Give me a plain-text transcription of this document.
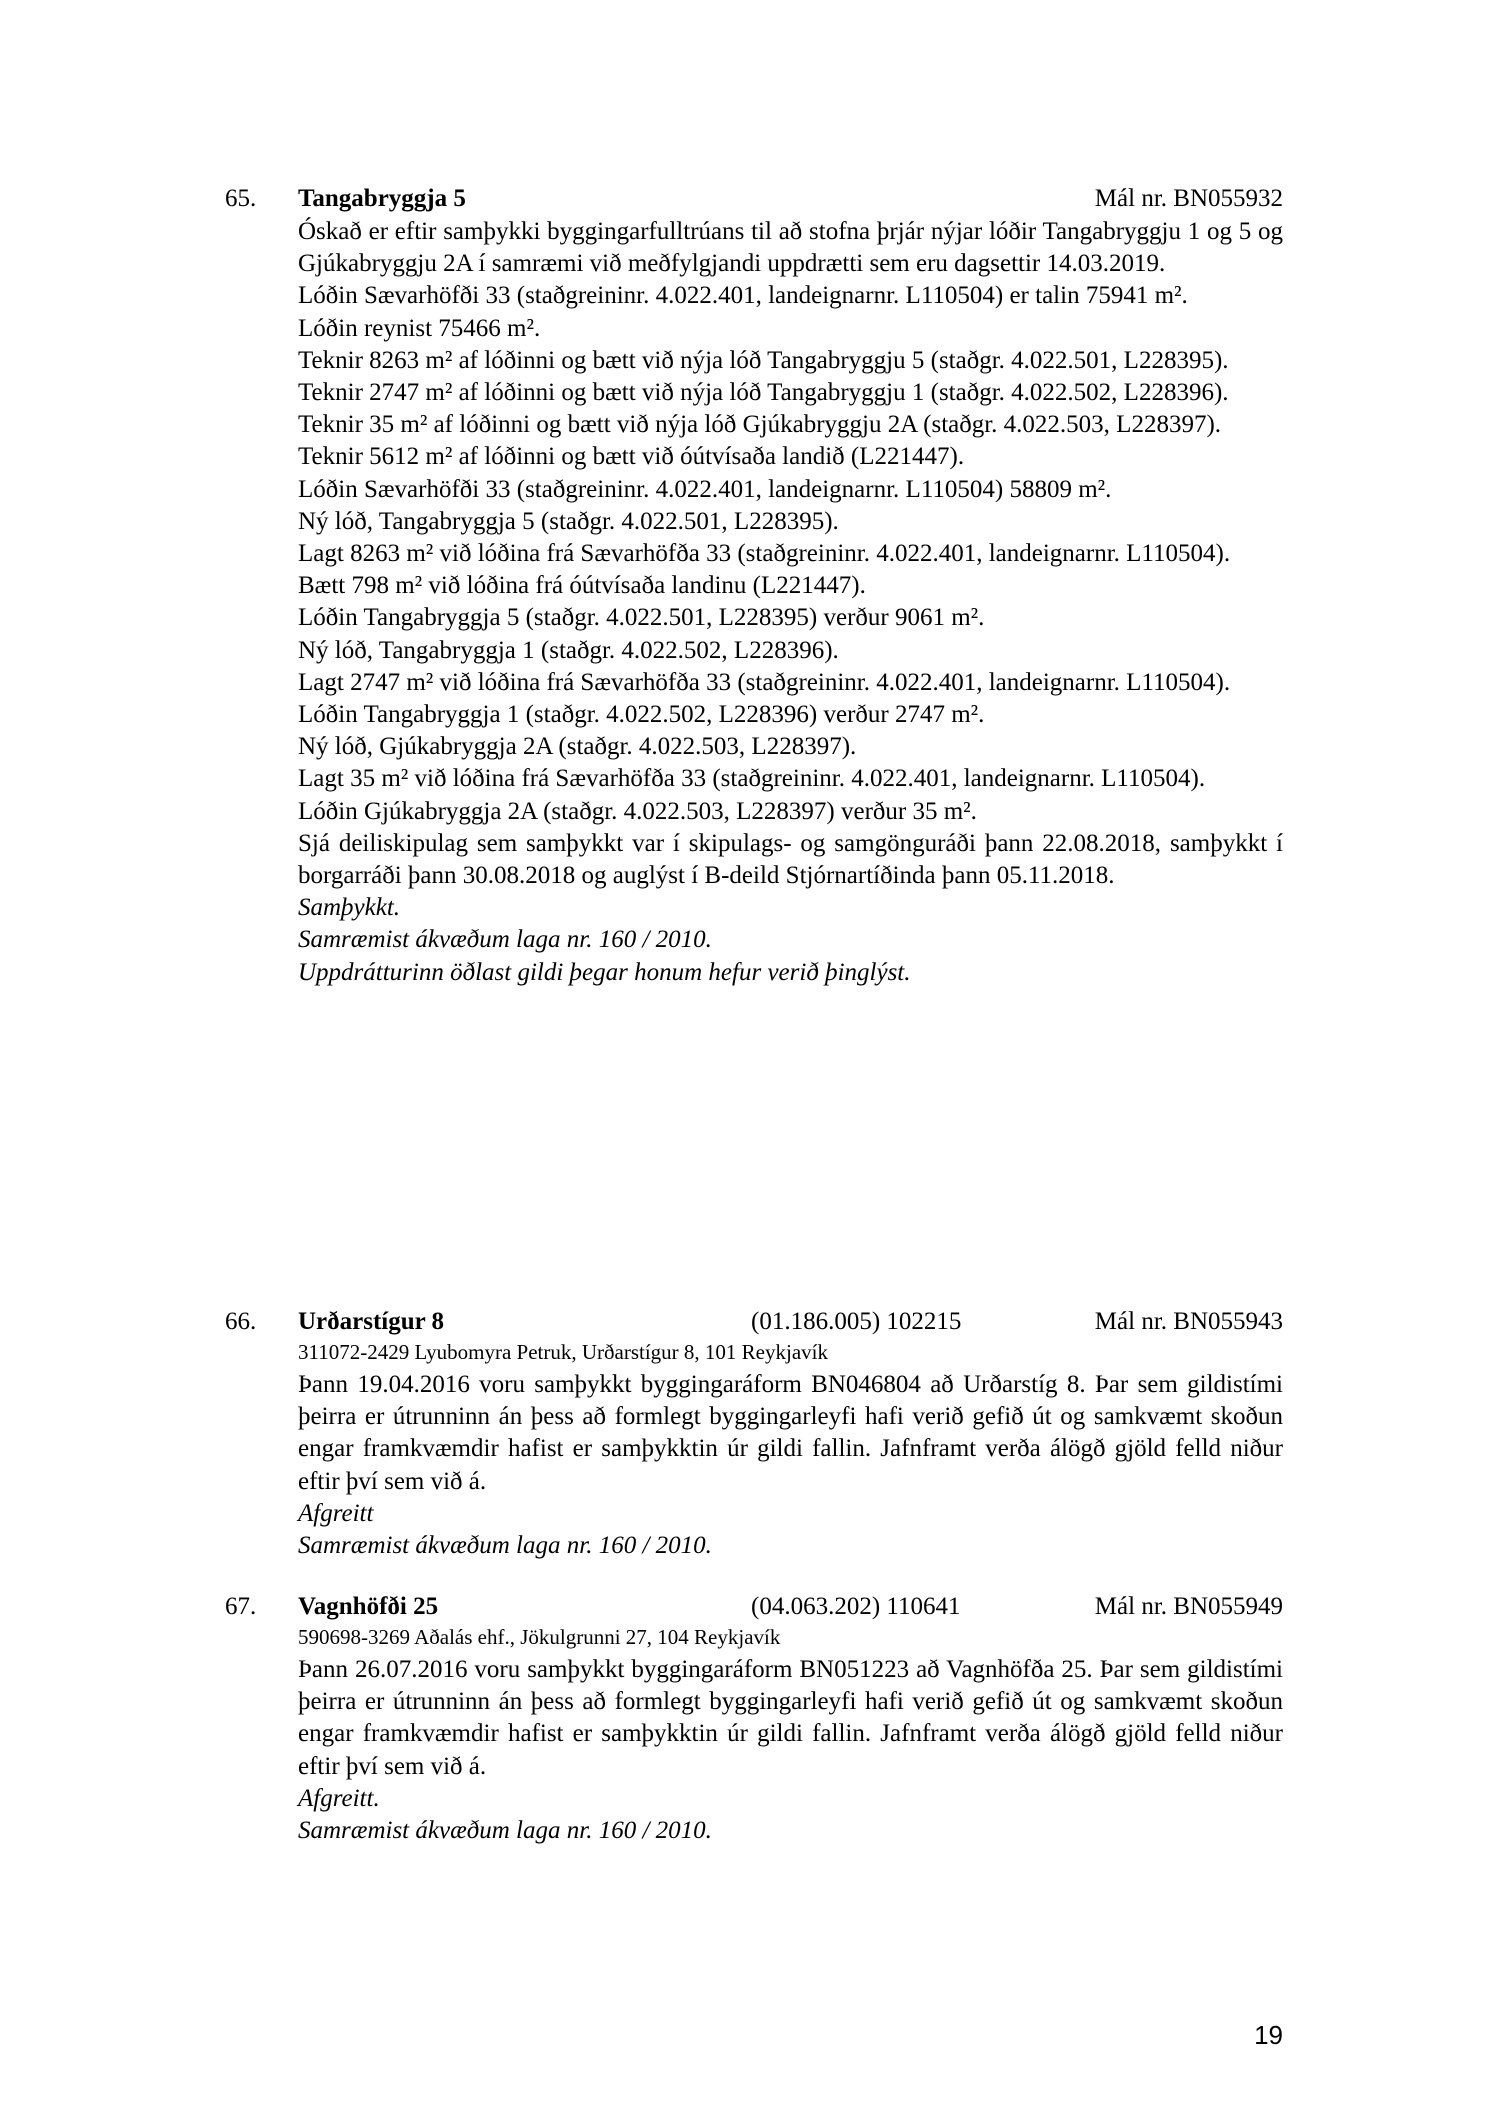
65. Tangabryggja 5	Mál nr. BN055932

Óskað er eftir samþykki byggingarfulltrúans til að stofna þrjár nýjar lóðir Tangabryggju 1 og 5 og Gjúkabryggju 2A í samræmi við meðfylgjandi uppdrætti sem eru dagsettir 14.03.2019.

Lóðin Sævarhöfði 33 (staðgreininr. 4.022.401, landeignarnr. L110504) er talin 75941 m².

Lóðin reynist 75466 m².

Teknir 8263 m² af lóðinni og bætt við nýja lóð Tangabryggju 5 (staðgr. 4.022.501, L228395).

Teknir 2747 m² af lóðinni og bætt við nýja lóð Tangabryggju 1 (staðgr. 4.022.502, L228396).

Teknir 35 m² af lóðinni og bætt við nýja lóð Gjúkabryggju 2A (staðgr. 4.022.503, L228397).

Teknir 5612 m² af lóðinni og bætt við óútvísaða landið (L221447).

Lóðin Sævarhöfði 33 (staðgreininr. 4.022.401, landeignarnr. L110504) 58809 m².

Ný lóð, Tangabryggja 5 (staðgr. 4.022.501, L228395).

Lagt 8263 m² við lóðina frá Sævarhöfða 33 (staðgreininr. 4.022.401, landeignarnr. L110504).

Bætt 798 m² við lóðina frá óútvísaða landinu (L221447).

Lóðin Tangabryggja 5 (staðgr. 4.022.501, L228395) verður 9061 m².

Ný lóð, Tangabryggja 1 (staðgr. 4.022.502, L228396).

Lagt 2747 m² við lóðina frá Sævarhöfða 33 (staðgreininr. 4.022.401, landeignarnr. L110504).

Lóðin Tangabryggja 1 (staðgr. 4.022.502, L228396) verður 2747 m².

Ný lóð, Gjúkabryggja 2A (staðgr. 4.022.503, L228397).

Lagt 35 m² við lóðina frá Sævarhöfða 33 (staðgreininr. 4.022.401, landeignarnr. L110504).

Lóðin Gjúkabryggja 2A (staðgr. 4.022.503, L228397) verður 35 m².

Sjá deiliskipulag sem samþykkt var í skipulags- og samgönguráði þann 22.08.2018, samþykkt í borgarráði þann 30.08.2018 og auglýst í B-deild Stjórnartíðinda þann 05.11.2018.

Samþykkt.

Samræmist ákvæðum laga nr. 160 / 2010.

Uppdrátturinn öðlast gildi þegar honum hefur verið þinglýst.

66. Urðarstígur 8	(01.186.005) 102215	Mál nr. BN055943
311072-2429 Lyubomyra Petruk, Urðarstígur 8, 101 Reykjavík

Þann 19.04.2016 voru samþykkt byggingaráform BN046804 að Urðarstíg 8. Þar sem gildistími þeirra er útrunninn án þess að formlegt byggingarleyfi hafi verið gefið út og samkvæmt skoðun engar framkvæmdir hafist er samþykktin úr gildi fallin. Jafnframt verða álögð gjöld felld niður eftir því sem við á.

Afgreitt

Samræmist ákvæðum laga nr. 160 / 2010.

67. Vagnhöfði 25	(04.063.202) 110641	Mál nr. BN055949
590698-3269 Aðalás ehf., Jökulgrunni 27, 104 Reykjavík

Þann 26.07.2016 voru samþykkt byggingaráform BN051223 að Vagnhöfða 25. Þar sem gildistími þeirra er útrunninn án þess að formlegt byggingarleyfi hafi verið gefið út og samkvæmt skoðun engar framkvæmdir hafist er samþykktin úr gildi fallin. Jafnframt verða álögð gjöld felld niður eftir því sem við á.

Afgreitt.

Samræmist ákvæðum laga nr. 160 / 2010.

19
